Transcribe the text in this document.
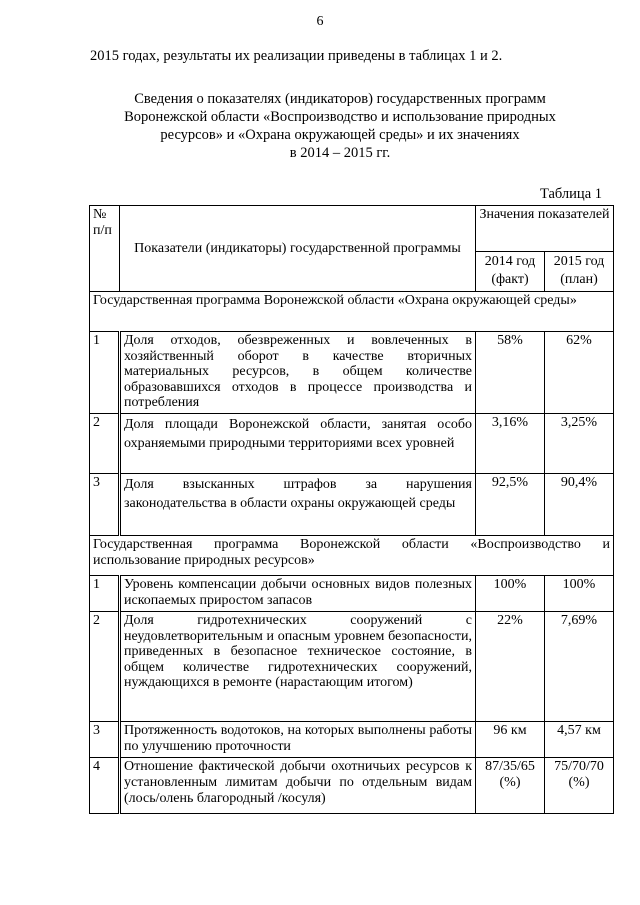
6
2015 годах, результаты их реализации приведены в таблицах 1 и 2.
Сведения о показателях (индикаторов) государственных программ
Воронежской области «Воспроизводство и использование природных
ресурсов» и «Охрана окружающей среды» и их значениях
в 2014 – 2015 гг.
Таблица 1
№ п/п	Показатели (индикаторы) государственной программы	Значения показателей	
		2014 год (факт)	2015 год (план)
Государственная программа Воронежской области «Охрана окружающей среды»			
1	Доля отходов, обезвреженных и вовлеченных в хозяйственный оборот в качестве вторичных материальных ресурсов, в общем количестве образовавшихся отходов в процессе производства и потребления	58%	62%
2	Доля площади Воронежской области, занятая особо охраняемыми природными территориями всех уровней	3,16%	3,25%
3	Доля взысканных штрафов за нарушения законодательства в области охраны окружающей среды	92,5%	90,4%
Государственная программа Воронежской области «Воспроизводство и использование природных ресурсов»			
1	Уровень компенсации добычи основных видов полезных ископаемых приростом запасов	100%	100%
2	Доля гидротехнических сооружений с неудовлетворительным и опасным уровнем безопасности, приведенных в безопасное техническое состояние, в общем количестве гидротехнических сооружений, нуждающихся в ремонте (нарастающим итогом)	22%	7,69%
3	Протяженность водотоков, на которых выполнены работы по улучшению проточности	96 км	4,57 км
4	Отношение фактической добычи охотничьих ресурсов к установленным лимитам добычи по отдельным видам (лось/олень благородный /косуля)	87/35/65 (%)	75/70/70 (%)
